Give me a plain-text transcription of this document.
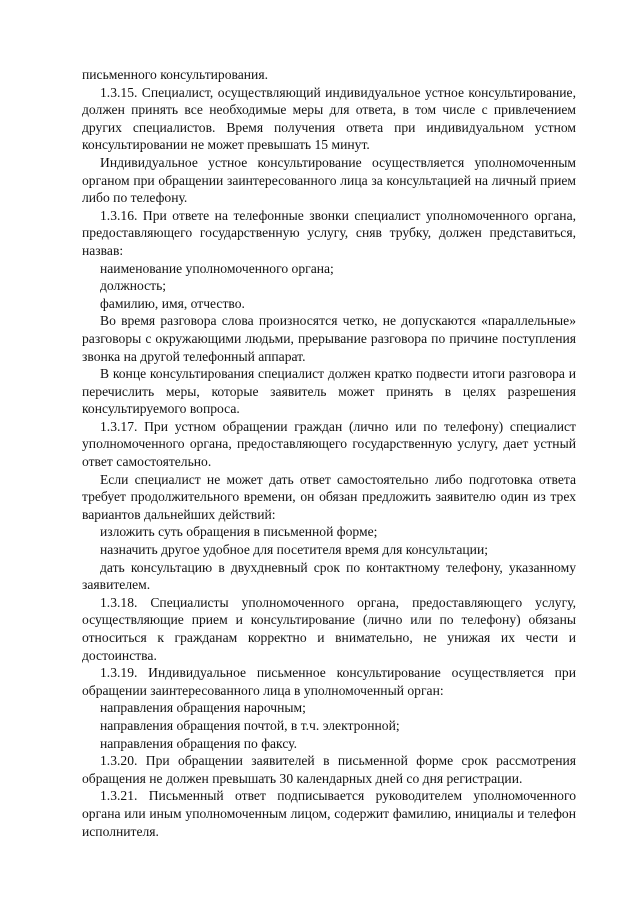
письменного консультирования.

1.3.15. Специалист, осуществляющий индивидуальное устное консультирование, должен принять все необходимые меры для ответа, в том числе с привлечением других специалистов. Время получения ответа при индивидуальном устном консультировании не может превышать 15 минут.

Индивидуальное устное консультирование осуществляется уполномоченным органом при обращении заинтересованного лица за консультацией на личный прием либо по телефону.

1.3.16. При ответе на телефонные звонки специалист уполномоченного органа, предоставляющего государственную услугу, сняв трубку, должен представиться, назвав:

наименование уполномоченного органа;

должность;

фамилию, имя, отчество.

Во время разговора слова произносятся четко, не допускаются «параллельные» разговоры с окружающими людьми, прерывание разговора по причине поступления звонка на другой телефонный аппарат.

В конце консультирования специалист должен кратко подвести итоги разговора и перечислить меры, которые заявитель может принять в целях разрешения консультируемого вопроса.

1.3.17. При устном обращении граждан (лично или по телефону) специалист уполномоченного органа, предоставляющего государственную услугу, дает устный ответ самостоятельно.

Если специалист не может дать ответ самостоятельно либо подготовка ответа требует продолжительного времени, он обязан предложить заявителю один из трех вариантов дальнейших действий:

изложить суть обращения в письменной форме;

назначить другое удобное для посетителя время для консультации;

дать консультацию в двухдневный срок по контактному телефону, указанному заявителем.

1.3.18. Специалисты уполномоченного органа, предоставляющего услугу, осуществляющие прием и консультирование (лично или по телефону) обязаны относиться к гражданам корректно и внимательно, не унижая их чести и достоинства.

1.3.19. Индивидуальное письменное консультирование осуществляется при обращении заинтересованного лица в уполномоченный орган:

направления обращения нарочным;

направления обращения почтой, в т.ч. электронной;

направления обращения по факсу.

1.3.20. При обращении заявителей в письменной форме срок рассмотрения обращения не должен превышать 30 календарных дней со дня регистрации.

1.3.21. Письменный ответ подписывается руководителем уполномоченного органа или иным уполномоченным лицом, содержит фамилию, инициалы и телефон исполнителя.
